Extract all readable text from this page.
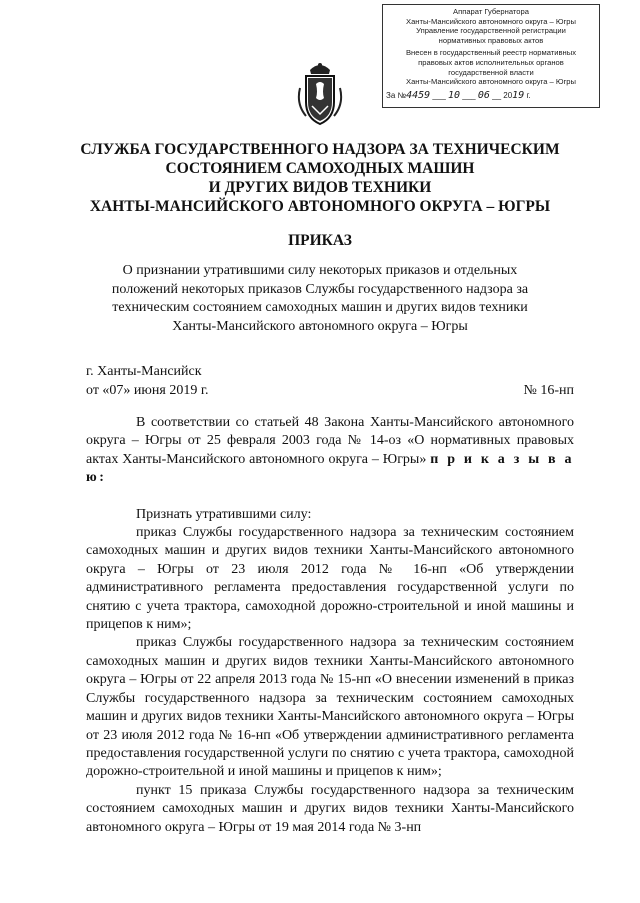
Аппарат Губернатора
Ханты-Мансийского автономного округа – Югры
Управление государственной регистрации
нормативных правовых актов
Внесен в государственный реестр нормативных
правовых актов исполнительных органов
государственной власти
Ханты-Мансийского автономного округа – Югры
За №4459 ___ 10 ___ 06 __ 2019 г.
СЛУЖБА ГОСУДАРСТВЕННОГО НАДЗОРА ЗА ТЕХНИЧЕСКИМ
СОСТОЯНИЕМ САМОХОДНЫХ МАШИН
И ДРУГИХ ВИДОВ ТЕХНИКИ
ХАНТЫ-МАНСИЙСКОГО АВТОНОМНОГО ОКРУГА – ЮГРЫ
ПРИКАЗ
О признании утратившими силу некоторых приказов и отдельных
положений некоторых приказов Службы государственного надзора за
техническим состоянием самоходных машин и других видов техники
Ханты-Мансийского автономного округа – Югры
г. Ханты-Мансийск
от «07» июня 2019 г.	№ 16-нп

В соответствии со статьей 48 Закона Ханты-Мансийского автономного округа – Югры от 25 февраля 2003 года № 14-оз «О нормативных правовых актах Ханты-Мансийского автономного округа – Югры» п р и к а з ы в а ю:

Признать утратившими силу:

приказ Службы государственного надзора за техническим состоянием самоходных машин и других видов техники Ханты-Мансийского автономного округа – Югры от 23 июля 2012 года № 16-нп «Об утверждении административного регламента предоставления государственной услуги по снятию с учета трактора, самоходной дорожно-строительной и иной машины и прицепов к ним»;

приказ Службы государственного надзора за техническим состоянием самоходных машин и других видов техники Ханты-Мансийского автономного округа – Югры от 22 апреля 2013 года № 15-нп «О внесении изменений в приказ Службы государственного надзора за техническим состоянием самоходных машин и других видов техники Ханты-Мансийского автономного округа – Югры от 23 июля 2012 года № 16-нп «Об утверждении административного регламента предоставления государственной услуги по снятию с учета трактора, самоходной дорожно-строительной и иной машины и прицепов к ним»;

пункт 15 приказа Службы государственного надзора за техническим состоянием самоходных машин и других видов техники Ханты-Мансийского автономного округа – Югры от 19 мая 2014 года № 3-нп
